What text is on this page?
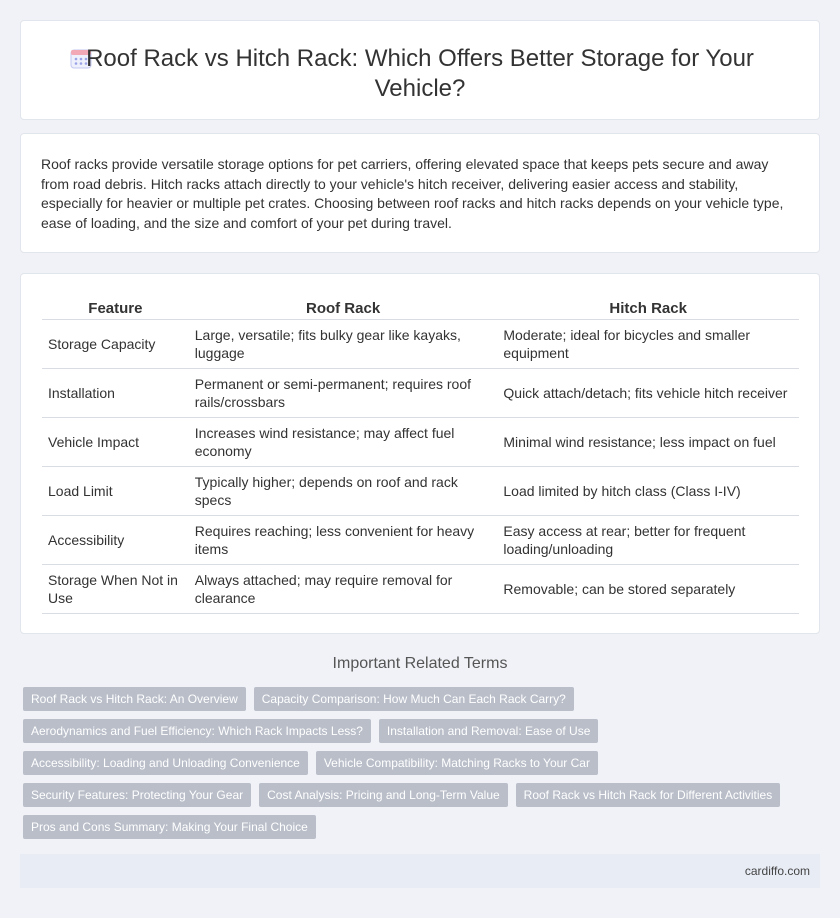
Roof Rack vs Hitch Rack: Which Offers Better Storage for Your Vehicle?

Roof racks provide versatile storage options for pet carriers, offering elevated space that keeps pets secure and away from road debris. Hitch racks attach directly to your vehicle's hitch receiver, delivering easier access and stability, especially for heavier or multiple pet crates. Choosing between roof racks and hitch racks depends on your vehicle type, ease of loading, and the size and comfort of your pet during travel.

Feature	Roof Rack	Hitch Rack
Storage Capacity	Large, versatile; fits bulky gear like kayaks, luggage	Moderate; ideal for bicycles and smaller equipment
Installation	Permanent or semi-permanent; requires roof rails/crossbars	Quick attach/detach; fits vehicle hitch receiver
Vehicle Impact	Increases wind resistance; may affect fuel economy	Minimal wind resistance; less impact on fuel
Load Limit	Typically higher; depends on roof and rack specs	Load limited by hitch class (Class I-IV)
Accessibility	Requires reaching; less convenient for heavy items	Easy access at rear; better for frequent loading/unloading
Storage When Not in Use	Always attached; may require removal for clearance	Removable; can be stored separately
Important Related Terms
Roof Rack vs Hitch Rack: An Overview	Capacity Comparison: How Much Can Each Rack Carry?
Aerodynamics and Fuel Efficiency: Which Rack Impacts Less?	Installation and Removal: Ease of Use
Accessibility: Loading and Unloading Convenience	Vehicle Compatibility: Matching Racks to Your Car
Security Features: Protecting Your Gear	Cost Analysis: Pricing and Long-Term Value	Roof Rack vs Hitch Rack for Different Activities
Pros and Cons Summary: Making Your Final Choice
cardiffo.com
